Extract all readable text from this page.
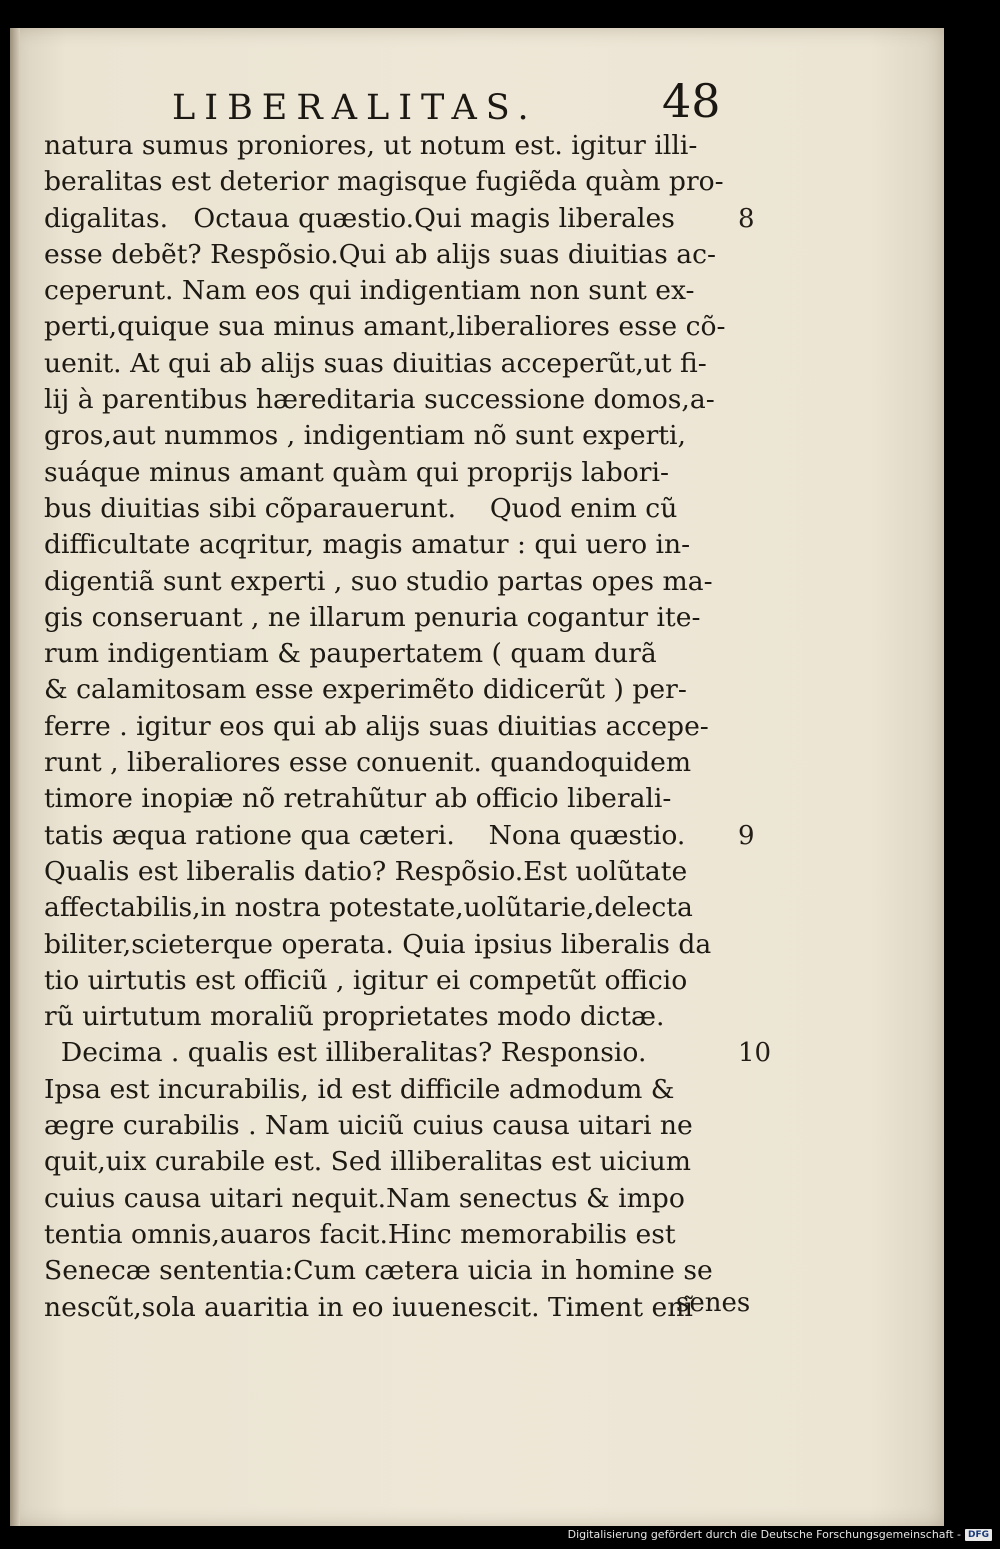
LIBERALITAS.	48
natura sumus proniores, ut notum est. igitur illi-
beralitas est deterior magisque fugiẽda quàm pro-
digalitas.   Octaua quæstio.Qui magis liberales 8
esse debẽt? Respõsio.Qui ab alijs suas diuitias ac-
ceperunt. Nam eos qui indigentiam non sunt ex-
perti,quique sua minus amant,liberaliores esse cõ-
uenit. At qui ab alijs suas diuitias acceperũt,ut fi-
lij à parentibus hæreditaria successione domos,a-
gros,aut nummos , indigentiam nõ sunt experti,
suáque minus amant quàm qui proprijs labori-
bus diuitias sibi cõparauerunt.    Quod enim cũ
difficultate acqritur, magis amatur : qui uero in-
digentiã sunt experti , suo studio partas opes ma-
gis conseruant , ne illarum penuria cogantur ite-
rum indigentiam & paupertatem ( quam durã
& calamitosam esse experimẽto didicerũt ) per-
ferre . igitur eos qui ab alijs suas diuitias accepe-
runt , liberaliores esse conuenit. quandoquidem
timore inopiæ nõ retrahũtur ab officio liberali-
tatis æqua ratione qua cæteri.    Nona quæstio. 9
Qualis est liberalis datio? Respõsio.Est uolũtate
affectabilis,in nostra potestate,uolũtarie,delecta
biliter,scieterque operata. Quia ipsius liberalis da
tio uirtutis est officiũ , igitur ei competũt officio
rũ uirtutum moraliũ proprietates modo dictæ.
Decima . qualis est illiberalitas? Responsio.	10
Ipsa est incurabilis, id est difficile admodum &
ægre curabilis . Nam uiciũ cuius causa uitari ne
quit,uix curabile est. Sed illiberalitas est uicium
cuius causa uitari nequit.Nam senectus & impo
tentia omnis,auaros facit.Hinc memorabilis est
Senecæ sententia:Cum cætera uicia in homine se
nescũt,sola auaritia in eo iuuenescit. Timent enĩ
senes
Digitalisierung gefördert durch die Deutsche Forschungsgemeinschaft - DFG
